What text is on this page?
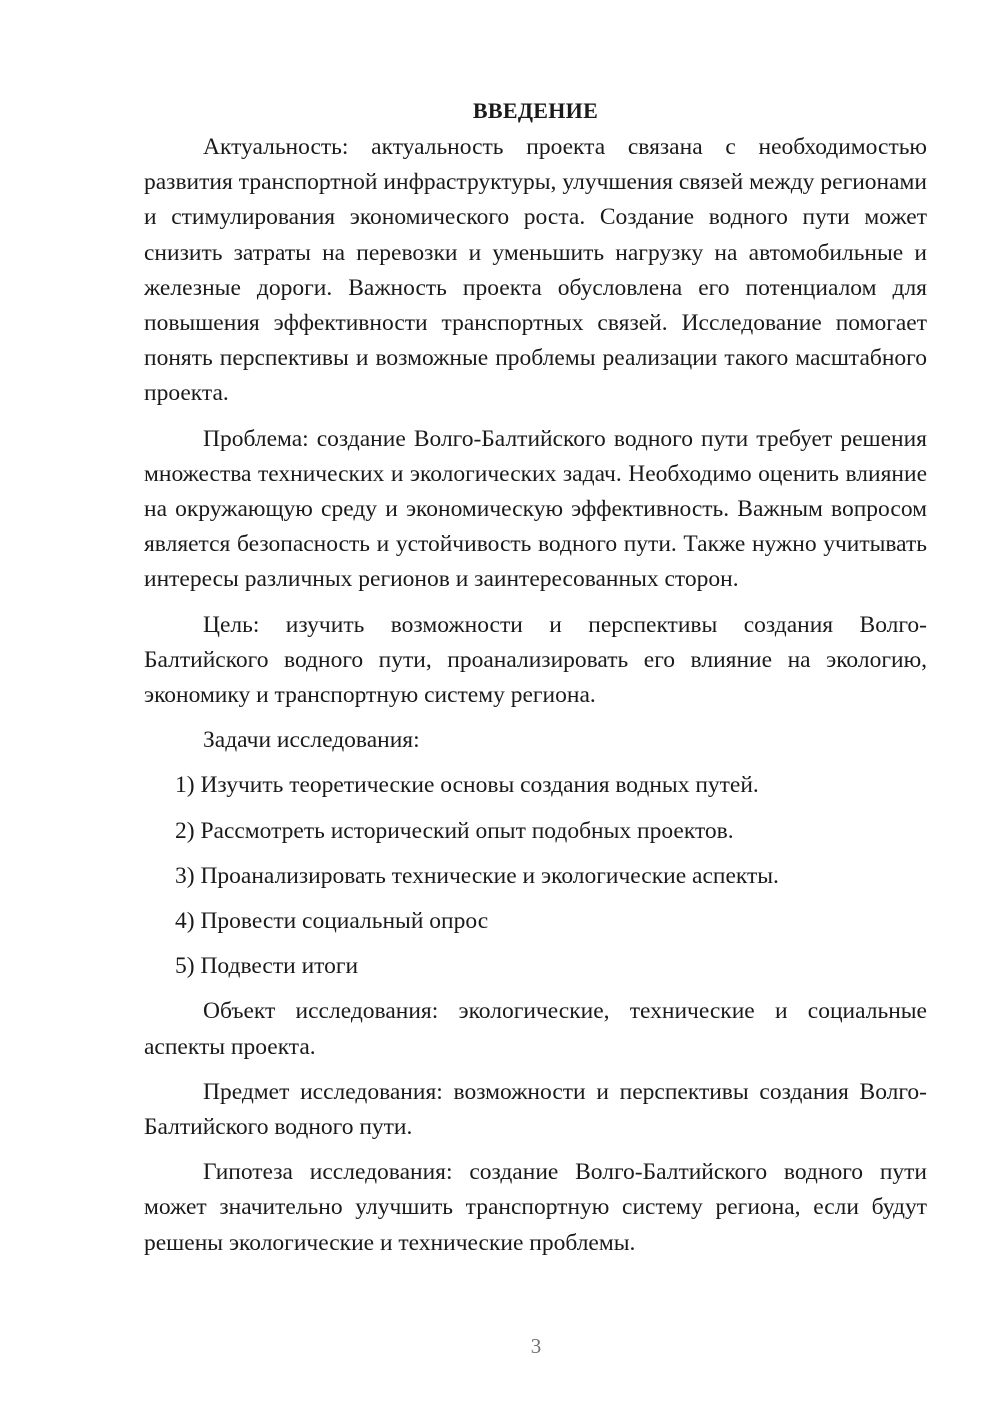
ВВЕДЕНИЕ

Актуальность: актуальность проекта связана с необходимостью развития транспортной инфраструктуры, улучшения связей между регионами и стимулирования экономического роста. Создание водного пути может снизить затраты на перевозки и уменьшить нагрузку на автомобильные и железные дороги. Важность проекта обусловлена его потенциалом для повышения эффективности транспортных связей. Исследование помогает понять перспективы и возможные проблемы реализации такого масштабного проекта.

Проблема: создание Волго-Балтийского водного пути требует решения множества технических и экологических задач. Необходимо оценить влияние на окружающую среду и экономическую эффективность. Важным вопросом является безопасность и устойчивость водного пути. Также нужно учитывать интересы различных регионов и заинтересованных сторон.

Цель: изучить возможности и перспективы создания Волго-Балтийского водного пути, проанализировать его влияние на экологию, экономику и транспортную систему региона.

Задачи исследования:

1) Изучить теоретические основы создания водных путей.
2) Рассмотреть исторический опыт подобных проектов.
3) Проанализировать технические и экологические аспекты.
4) Провести социальный опрос
5) Подвести итоги

Объект исследования: экологические, технические и социальные аспекты проекта.

Предмет исследования: возможности и перспективы создания Волго-Балтийского водного пути.

Гипотеза исследования: создание Волго-Балтийского водного пути может значительно улучшить транспортную систему региона, если будут решены экологические и технические проблемы.

3
